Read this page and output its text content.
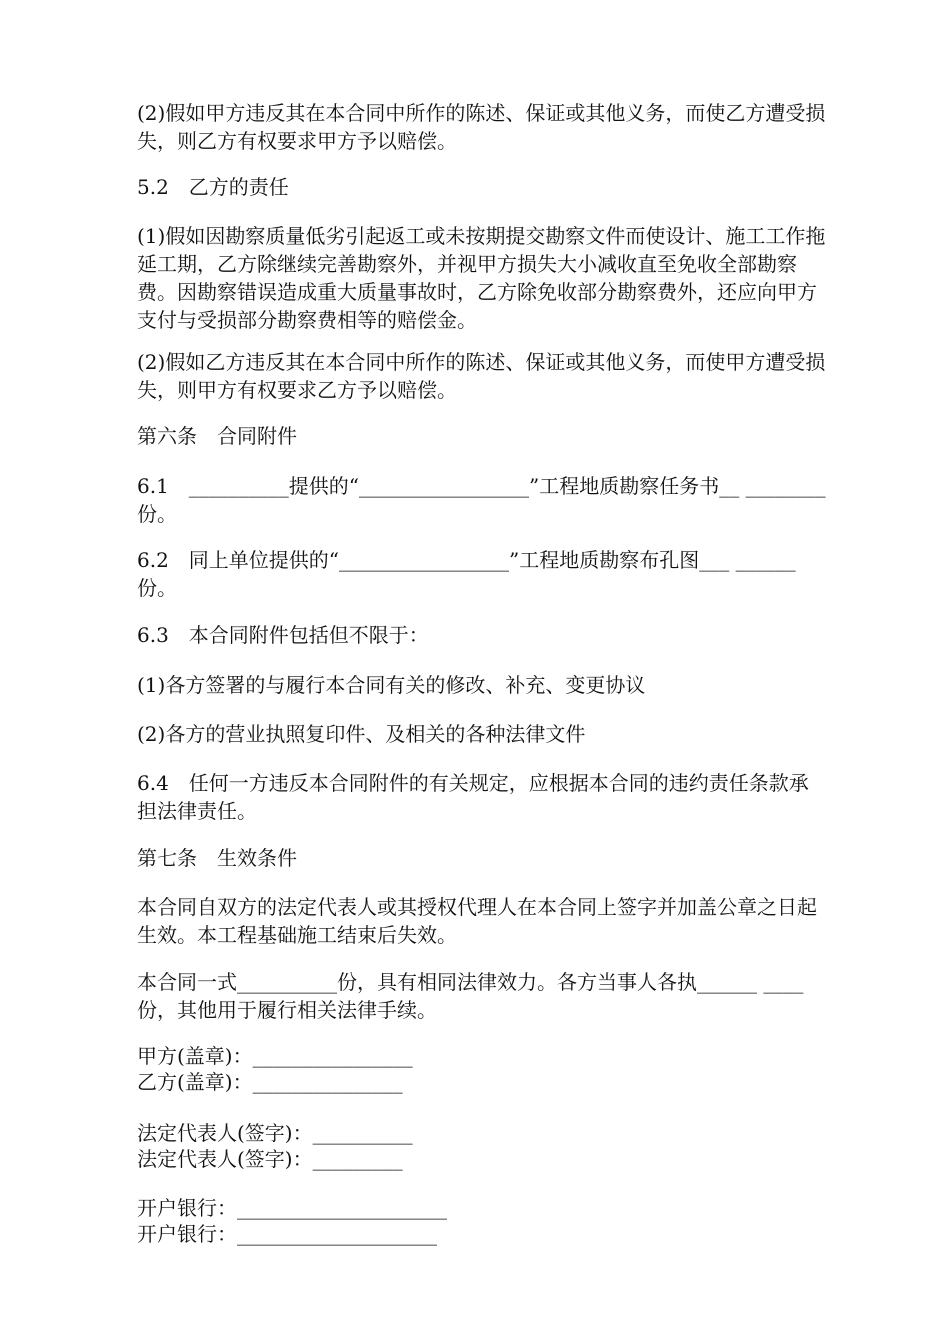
(2)假如甲方违反其在本合同中所作的陈述、保证或其他义务，而使乙方遭受损失，则乙方有权要求甲方予以赔偿。

5.2　乙方的责任

(1)假如因勘察质量低劣引起返工或未按期提交勘察文件而使设计、施工工作拖延工期，乙方除继续完善勘察外，并视甲方损失大小减收直至免收全部勘察费。因勘察错误造成重大质量事故时，乙方除免收部分勘察费外，还应向甲方支付与受损部分勘察费相等的赔偿金。

(2)假如乙方违反其在本合同中所作的陈述、保证或其他义务，而使甲方遭受损失，则甲方有权要求乙方予以赔偿。

第六条　合同附件

6.1　__________提供的“_________________”工程地质勘察任务书__ ________份。

6.2　同上单位提供的“_________________”工程地质勘察布孔图___ ______份。

6.3　本合同附件包括但不限于：

(1)各方签署的与履行本合同有关的修改、补充、变更协议

(2)各方的营业执照复印件、及相关的各种法律文件

6.4　任何一方违反本合同附件的有关规定，应根据本合同的违约责任条款承担法律责任。

第七条　生效条件

本合同自双方的法定代表人或其授权代理人在本合同上签字并加盖公章之日起生效。本工程基础施工结束后失效。

本合同一式__________份，具有相同法律效力。各方当事人各执______ ____份，其他用于履行相关法律手续。

甲方(盖章)：________________
乙方(盖章)：_______________

法定代表人(签字)：__________
法定代表人(签字)：_________

开户银行：_____________________
开户银行：____________________
